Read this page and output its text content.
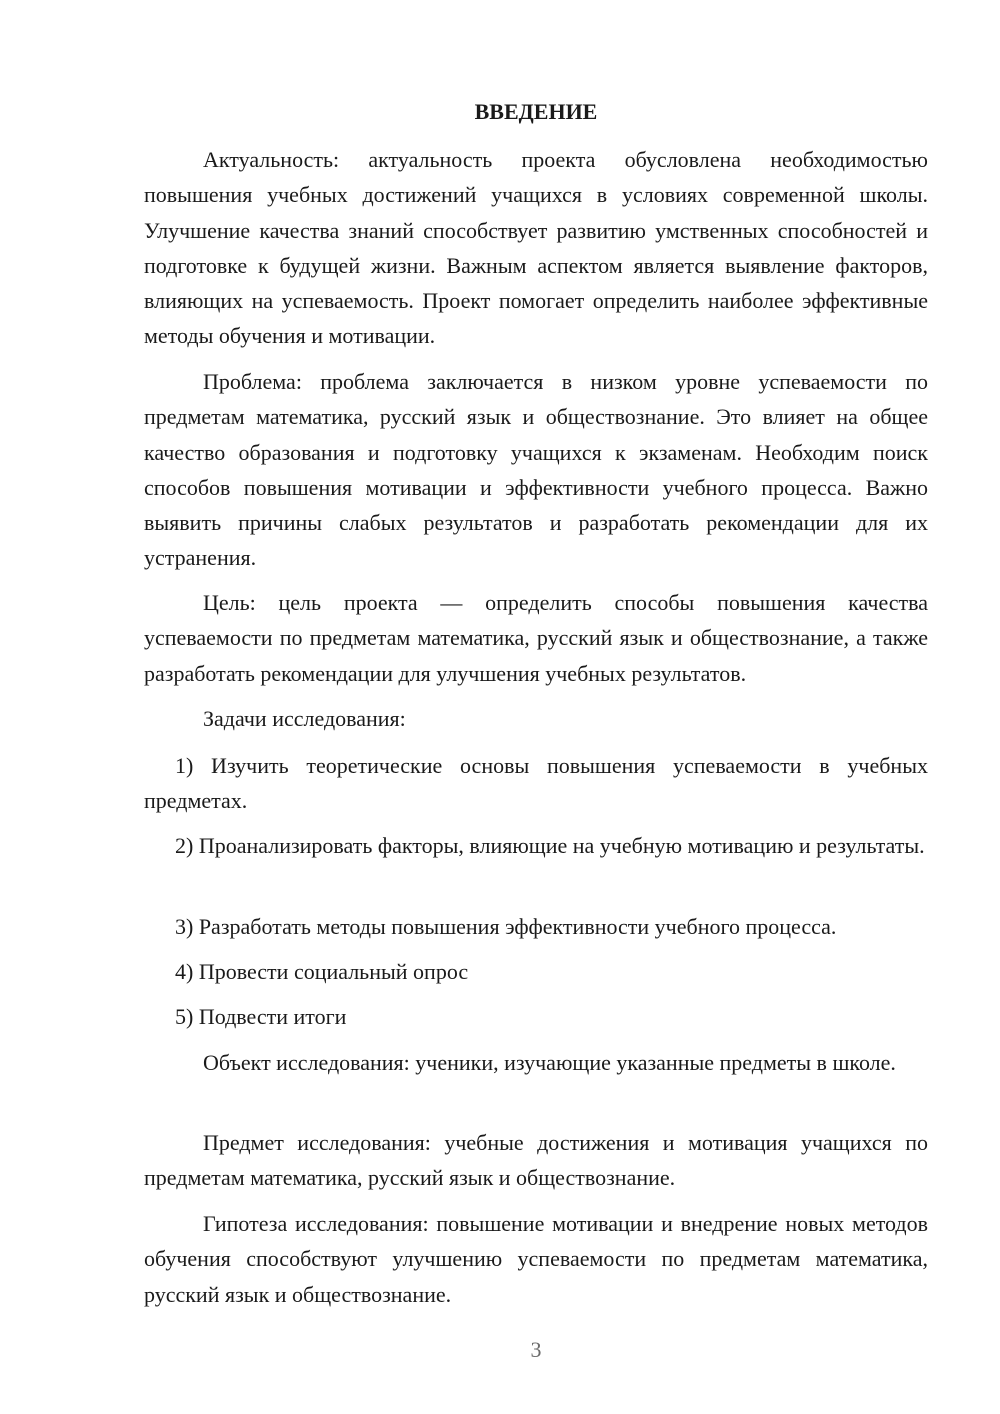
ВВЕДЕНИЕ

Актуальность: актуальность проекта обусловлена необходимостью повышения учебных достижений учащихся в условиях современной школы. Улучшение качества знаний способствует развитию умственных способностей и подготовке к будущей жизни. Важным аспектом является выявление факторов, влияющих на успеваемость. Проект помогает определить наиболее эффективные методы обучения и мотивации.

Проблема: проблема заключается в низком уровне успеваемости по предметам математика, русский язык и обществознание. Это влияет на общее качество образования и подготовку учащихся к экзаменам. Необходим поиск способов повышения мотивации и эффективности учебного процесса. Важно выявить причины слабых результатов и разработать рекомендации для их устранения.

Цель: цель проекта — определить способы повышения качества успеваемости по предметам математика, русский язык и обществознание, а также разработать рекомендации для улучшения учебных результатов.

Задачи исследования:

1) Изучить теоретические основы повышения успеваемости в учебных предметах.

2) Проанализировать факторы, влияющие на учебную мотивацию и результаты.

3) Разработать методы повышения эффективности учебного процесса.

4) Провести социальный опрос

5) Подвести итоги

Объект исследования: ученики, изучающие указанные предметы в школе.

Предмет исследования: учебные достижения и мотивация учащихся по предметам математика, русский язык и обществознание.

Гипотеза исследования: повышение мотивации и внедрение новых методов обучения способствуют улучшению успеваемости по предметам математика, русский язык и обществознание.

3
